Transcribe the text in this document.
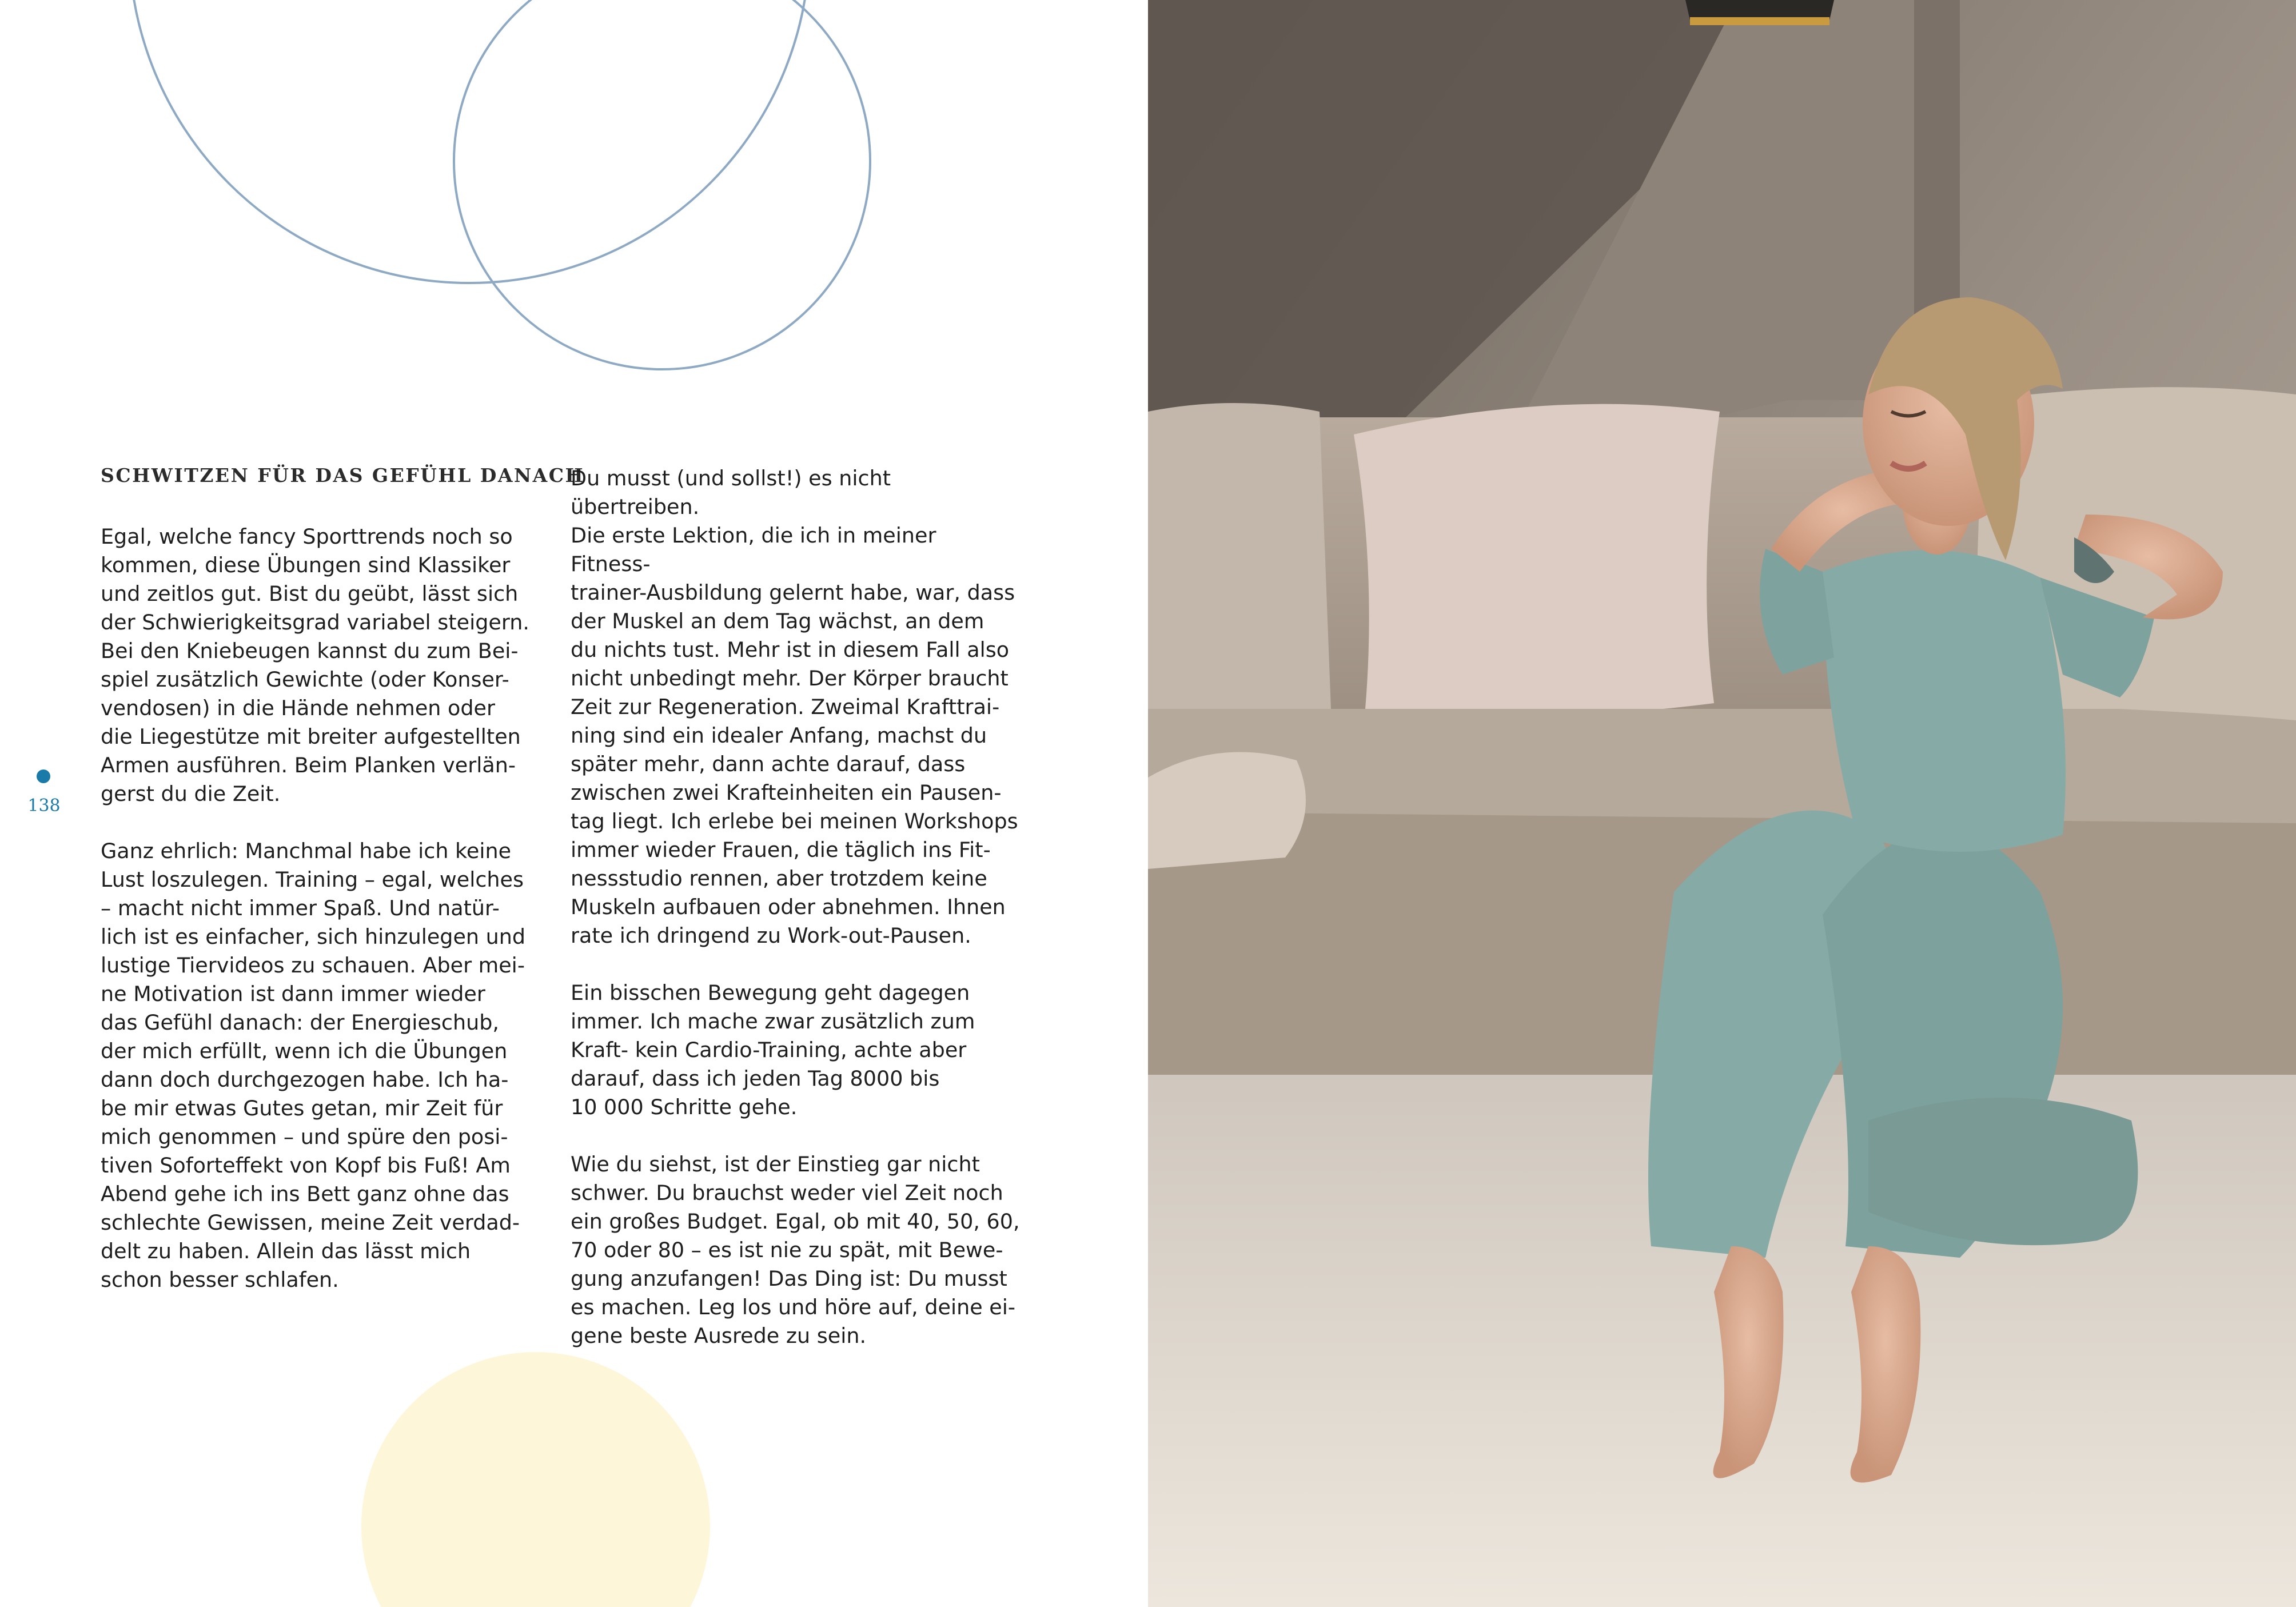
SCHWITZEN FÜR DAS GEFÜHL DANACH

Egal, welche fancy Sporttrends noch so
kommen, diese Übungen sind Klassiker
und zeitlos gut. Bist du geübt, lässt sich
der Schwierigkeitsgrad variabel steigern.
Bei den Kniebeugen kannst du zum Bei-
spiel zusätzlich Gewichte (oder Konser-
vendosen) in die Hände nehmen oder
die Liegestütze mit breiter aufgestellten
Armen ausführen. Beim Planken verlän-
gerst du die Zeit.

Ganz ehrlich: Manchmal habe ich keine
Lust loszulegen. Training – egal, welches
– macht nicht immer Spaß. Und natür-
lich ist es einfacher, sich hinzulegen und
lustige Tiervideos zu schauen. Aber mei-
ne Motivation ist dann immer wieder
das Gefühl danach: der Energieschub,
der mich erfüllt, wenn ich die Übungen
dann doch durchgezogen habe. Ich ha-
be mir etwas Gutes getan, mir Zeit für
mich genommen – und spüre den posi-
tiven Soforteffekt von Kopf bis Fuß! Am
Abend gehe ich ins Bett ganz ohne das
schlechte Gewissen, meine Zeit verdad-
delt zu haben. Allein das lässt mich
schon besser schlafen.

Du musst (und sollst!) es nicht übertreiben.
Die erste Lektion, die ich in meiner Fitness-
trainer-Ausbildung gelernt habe, war, dass
der Muskel an dem Tag wächst, an dem
du nichts tust. Mehr ist in diesem Fall also
nicht unbedingt mehr. Der Körper braucht
Zeit zur Regeneration. Zweimal Krafttrai-
ning sind ein idealer Anfang, machst du
später mehr, dann achte darauf, dass
zwischen zwei Krafteinheiten ein Pausen-
tag liegt. Ich erlebe bei meinen Workshops
immer wieder Frauen, die täglich ins Fit-
nessstudio rennen, aber trotzdem keine
Muskeln aufbauen oder abnehmen. Ihnen
rate ich dringend zu Work-out-Pausen.

Ein bisschen Bewegung geht dagegen
immer. Ich mache zwar zusätzlich zum
Kraft- kein Cardio-Training, achte aber
darauf, dass ich jeden Tag 8000 bis
10 000 Schritte gehe.

Wie du siehst, ist der Einstieg gar nicht
schwer. Du brauchst weder viel Zeit noch
ein großes Budget. Egal, ob mit 40, 50, 60,
70 oder 80 – es ist nie zu spät, mit Bewe-
gung anzufangen! Das Ding ist: Du musst
es machen. Leg los und höre auf, deine ei-
gene beste Ausrede zu sein.

138
